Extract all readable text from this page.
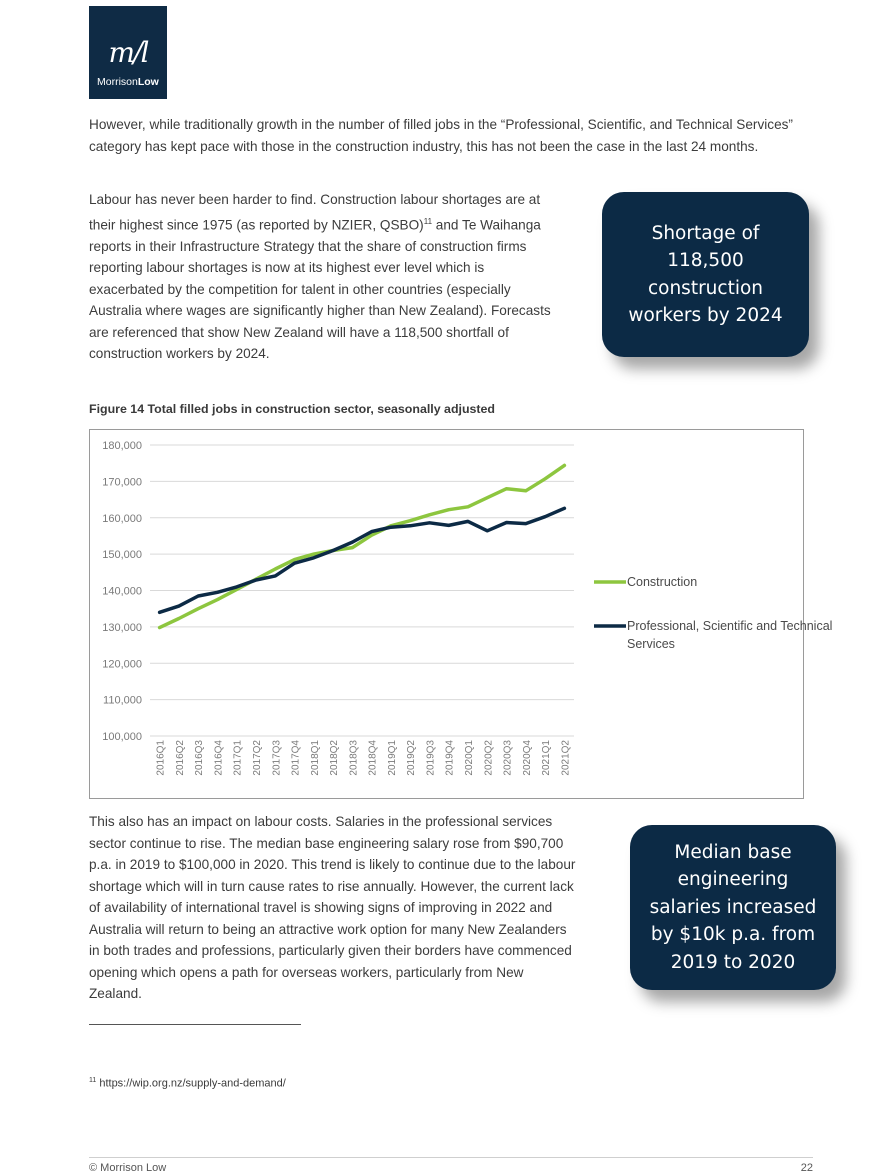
m/l
MorrisonLow

However, while traditionally growth in the number of filled jobs in the “Professional, Scientific, and Technical Services” category has kept pace with those in the construction industry, this has not been the case in the last 24 months.

Labour has never been harder to find. Construction labour shortages are at their highest since 1975 (as reported by NZIER, QSBO)$^{11}$ and Te Waihanga reports in their Infrastructure Strategy that the share of construction firms reporting labour shortages is now at its highest ever level which is exacerbated by the competition for talent in other countries (especially Australia where wages are significantly higher than New Zealand). Forecasts are referenced that show New Zealand will have a 118,500 shortfall of construction workers by 2024.

Shortage of 118,500 construction workers by 2024
Figure 14 Total filled jobs in construction sector, seasonally adjusted
100,000
110,000
120,000
130,000
140,000
150,000
160,000
170,000
180,000
2016Q1 2016Q2 2016Q3 2016Q4 2017Q1 2017Q2 2017Q3 2017Q4 2018Q1 2018Q2 2018Q3 2018Q4 2019Q1 2019Q2 2019Q3 2019Q4 2020Q1 2020Q2 2020Q3 2020Q4 2021Q1 2021Q2
Construction
Professional, Scientific and Technical Services

This also has an impact on labour costs. Salaries in the professional services sector continue to rise. The median base engineering salary rose from $90,700 p.a. in 2019 to $100,000 in 2020. This trend is likely to continue due to the labour shortage which will in turn cause rates to rise annually. However, the current lack of availability of international travel is showing signs of improving in 2022 and Australia will return to being an attractive work option for many New Zealanders in both trades and professions, particularly given their borders have commenced opening which opens a path for overseas workers, particularly from New Zealand.

Median base engineering salaries increased by $10k p.a. from 2019 to 2020
$^{11}$ https://wip.org.nz/supply-and-demand/
© Morrison Low	22
